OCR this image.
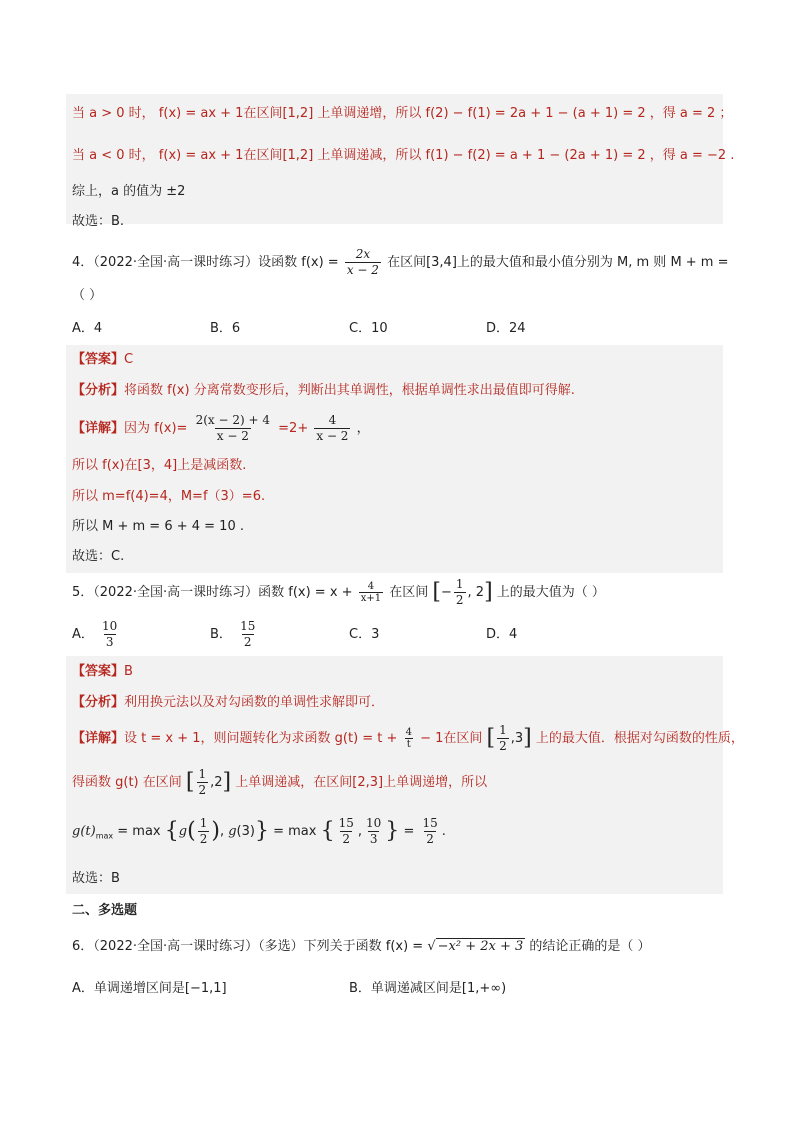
当 a > 0 时， f(x) = ax + 1在区间[1,2] 上单调递增，所以 f(2) − f(1) = 2a + 1 − (a + 1) = 2 ，得 a = 2 ；
当 a < 0 时， f(x) = ax + 1在区间[1,2] 上单调递减，所以 f(1) − f(2) = a + 1 − (2a + 1) = 2 ，得 a = −2 .
综上，a 的值为 ±2
故选：B.
4．（2022·全国·高一课时练习）设函数 $f(x) = \frac{2x}{x - 2}$ 在区间[3,4]上的最大值和最小值分别为 M, m 则 M + m =
（ ）
A．4	B．6	C．10	D．24
【答案】C
【分析】将函数 f(x) 分离常数变形后，判断出其单调性，根据单调性求出最值即可得解.
【详解】因为 $f(x)= \frac{2(x - 2) + 4}{x - 2} =2+ \frac{4}{x - 2}$ ，
所以 f(x)在[3，4]上是减函数.
所以 m=f(4)=4，M=f（3）=6.
所以 M + m = 6 + 4 = 10 .
故选：C.
5．（2022·全国·高一课时练习）函数 $f(x) = x + \frac{4}{x+1}$ 在区间 [− $\frac{1}{2}$ , 2] 上的最大值为（ ）
A． $\frac{10}{3}$	B． $\frac{15}{2}$	C．3	D．4
【答案】B
【分析】利用换元法以及对勾函数的单调性求解即可．
【详解】设 t = x + 1，则问题转化为求函数 $g(t) = t + \frac{4}{t} - 1$在区间 [ $\frac{1}{2} ,3$] 上的最大值．根据对勾函数的性质，
得函数 g(t) 在区间 [ $\frac{1}{2} ,2$] 上单调递减，在区间[2,3]上单调递增，所以
$g(t)_{max} = \max \{g( \frac{1}{2}$ ), g(3)} = max { $\frac{15}{2}$ , $\frac{10}{3}$ } = $\frac{15}{2}$ .
故选：B
二、多选题
6．（2022·全国·高一课时练习）（多选）下列关于函数 f(x) = √ −x² + 2x + 3 的结论正确的是（ ）
A．单调递增区间是[−1,1]	B．单调递减区间是[1,+∞)
